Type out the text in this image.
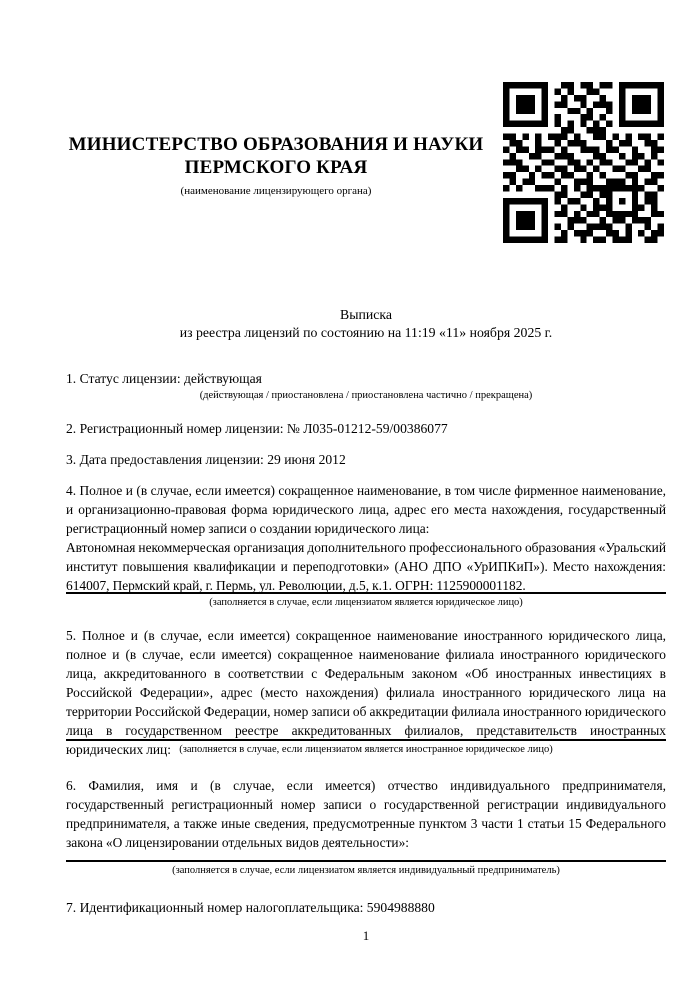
МИНИСТЕРСТВО ОБРАЗОВАНИЯ И НАУКИ
ПЕРМСКОГО КРАЯ
(наименование лицензирующего органа)
Выписка
из реестра лицензий по состоянию на 11:19 «11» ноября 2025 г.
1. Статус лицензии: действующая
(действующая / приостановлена / приостановлена частично / прекращена)
2. Регистрационный номер лицензии: № Л035-01212-59/00386077
3. Дата предоставления лицензии: 29 июня 2012
4. Полное и (в случае, если имеется) сокращенное наименование, в том числе фирменное наименование, и организационно-правовая форма юридического лица, адрес его места нахождения, государственный регистрационный номер записи о создании юридического лица:
Автономная некоммерческая организация дополнительного профессионального образования «Уральский институт повышения квалификации и переподготовки» (АНО ДПО «УрИПКиП»). Место нахождения: 614007, Пермский край, г. Пермь, ул. Революции, д.5, к.1. ОГРН: 1125900001182.
(заполняется в случае, если лицензиатом является юридическое лицо)
5. Полное и (в случае, если имеется) сокращенное наименование иностранного юридического лица, полное и (в случае, если имеется) сокращенное наименование филиала иностранного юридического лица, аккредитованного в соответствии с Федеральным законом «Об иностранных инвестициях в Российской Федерации», адрес (место нахождения) филиала иностранного юридического лица на территории Российской Федерации, номер записи об аккредитации филиала иностранного юридического лица в государственном реестре аккредитованных филиалов, представительств иностранных юридических лиц: (заполняется в случае, если лицензиатом является иностранное юридическое лицо)
6. Фамилия, имя и (в случае, если имеется) отчество индивидуального предпринимателя, государственный регистрационный номер записи о государственной регистрации индивидуального предпринимателя, а также иные сведения, предусмотренные пунктом 3 части 1 статьи 15 Федерального закона «О лицензировании отдельных видов деятельности»:
(заполняется в случае, если лицензиатом является индивидуальный предприниматель)
7. Идентификационный номер налогоплательщика: 5904988880
1
